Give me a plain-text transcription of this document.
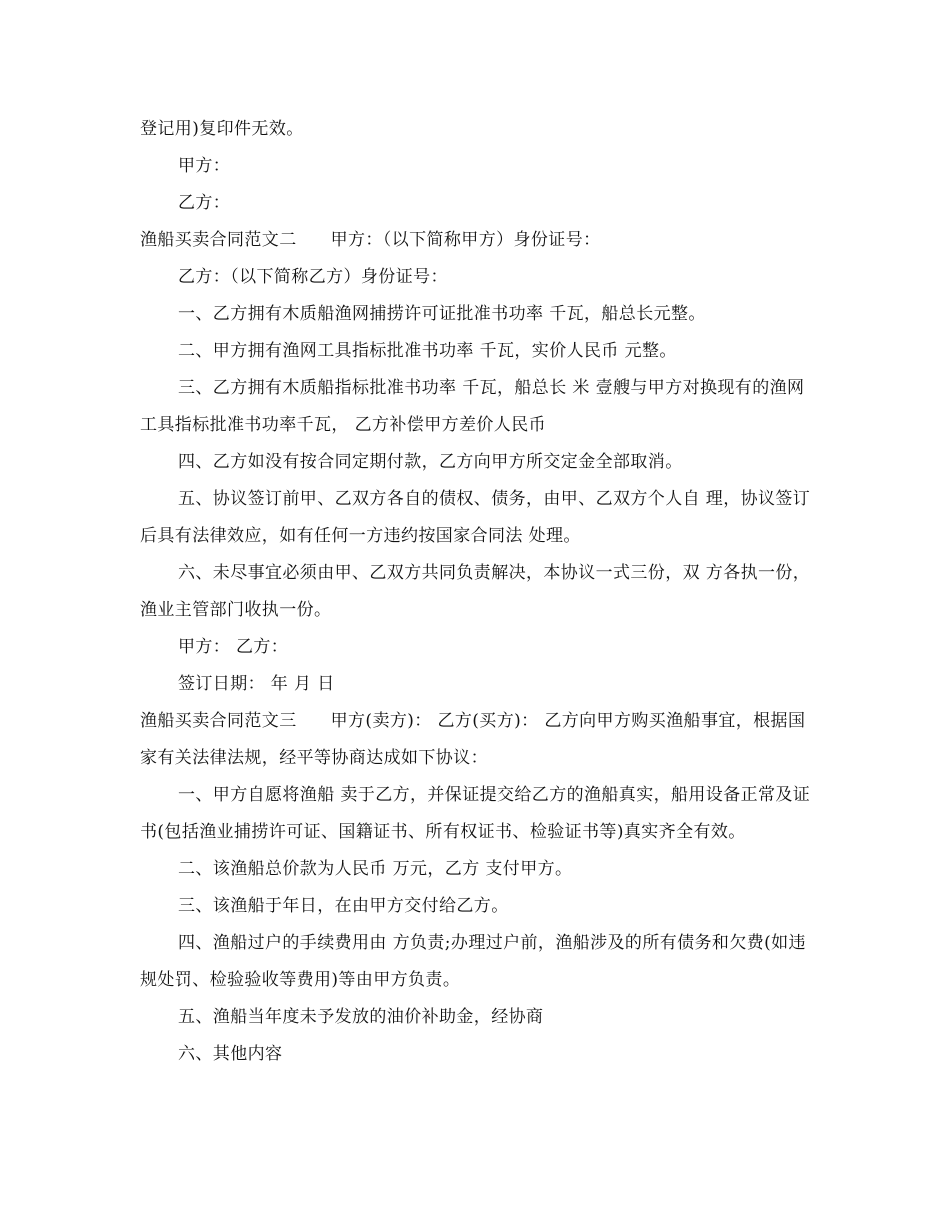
登记用)复印件无效。

甲方：

乙方：

渔船买卖合同范文二 甲方：（以下简称甲方）身份证号：

乙方：（以下简称乙方）身份证号：

一、乙方拥有木质船渔网捕捞许可证批准书功率 千瓦，船总长元整。

二、甲方拥有渔网工具指标批准书功率 千瓦，实价人民币 元整。

三、乙方拥有木质船指标批准书功率 千瓦，船总长 米 壹艘与甲方对换现有的渔网工具指标批准书功率千瓦， 乙方补偿甲方差价人民币

四、乙方如没有按合同定期付款，乙方向甲方所交定金全部取消。

五、协议签订前甲、乙双方各自的债权、债务，由甲、乙双方个人自 理，协议签订后具有法律效应，如有任何一方违约按国家合同法 处理。

六、未尽事宜必须由甲、乙双方共同负责解决，本协议一式三份，双 方各执一份，渔业主管部门收执一份。

甲方： 乙方：

签订日期： 年 月 日

渔船买卖合同范文三 甲方(卖方)： 乙方(买方)： 乙方向甲方购买渔船事宜，根据国家有关法律法规，经平等协商达成如下协议：

一、甲方自愿将渔船 卖于乙方，并保证提交给乙方的渔船真实，船用设备正常及证书(包括渔业捕捞许可证、国籍证书、所有权证书、检验证书等)真实齐全有效。

二、该渔船总价款为人民币 万元，乙方 支付甲方。

三、该渔船于年日，在由甲方交付给乙方。

四、渔船过户的手续费用由 方负责;办理过户前，渔船涉及的所有债务和欠费(如违规处罚、检验验收等费用)等由甲方负责。

五、渔船当年度未予发放的油价补助金，经协商

六、其他内容
